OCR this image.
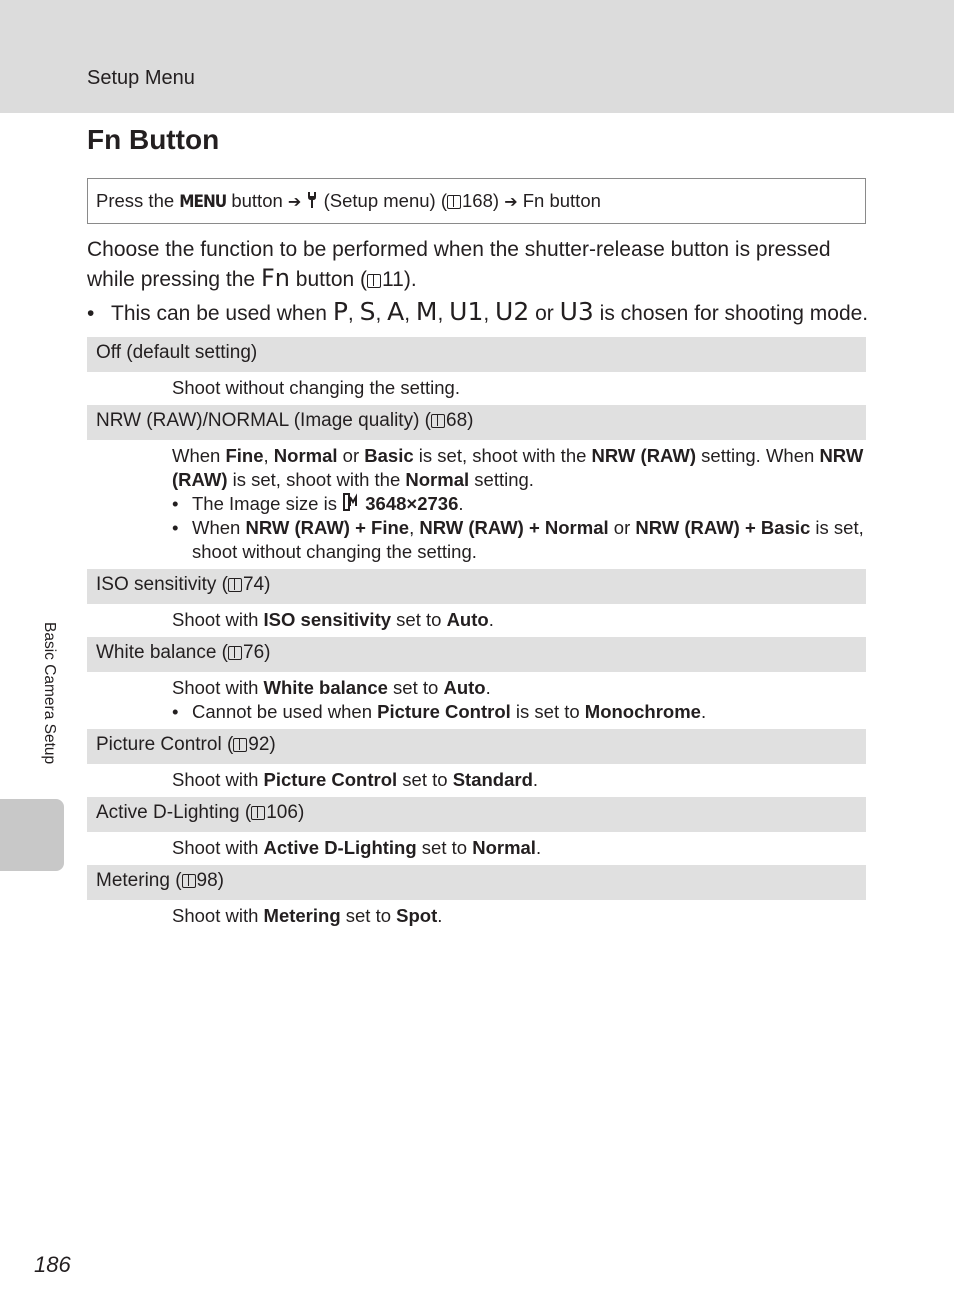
Setup Menu
Fn Button
Press the MENU button ➔  (Setup menu) ( 168) ➔ Fn button
Choose the function to be performed when the shutter-release button is pressed while pressing the Fn button ( 11).
• This can be used when P, S, A, M, U1, U2 or U3 is chosen for shooting mode.
Off (default setting)
Shoot without changing the setting.
NRW (RAW)/NORMAL (Image quality) ( 68)
When Fine, Normal or Basic is set, shoot with the NRW (RAW) setting. When NRW (RAW) is set, shoot with the Normal setting.
• The Image size is  3648×2736.
• When NRW (RAW) + Fine, NRW (RAW) + Normal or NRW (RAW) + Basic is set, shoot without changing the setting.
ISO sensitivity ( 74)
Shoot with ISO sensitivity set to Auto.
White balance ( 76)
Shoot with White balance set to Auto.
• Cannot be used when Picture Control is set to Monochrome.
Picture Control ( 92)
Shoot with Picture Control set to Standard.
Active D-Lighting ( 106)
Shoot with Active D-Lighting set to Normal.
Metering ( 98)
Shoot with Metering set to Spot.
Basic Camera Setup
186
